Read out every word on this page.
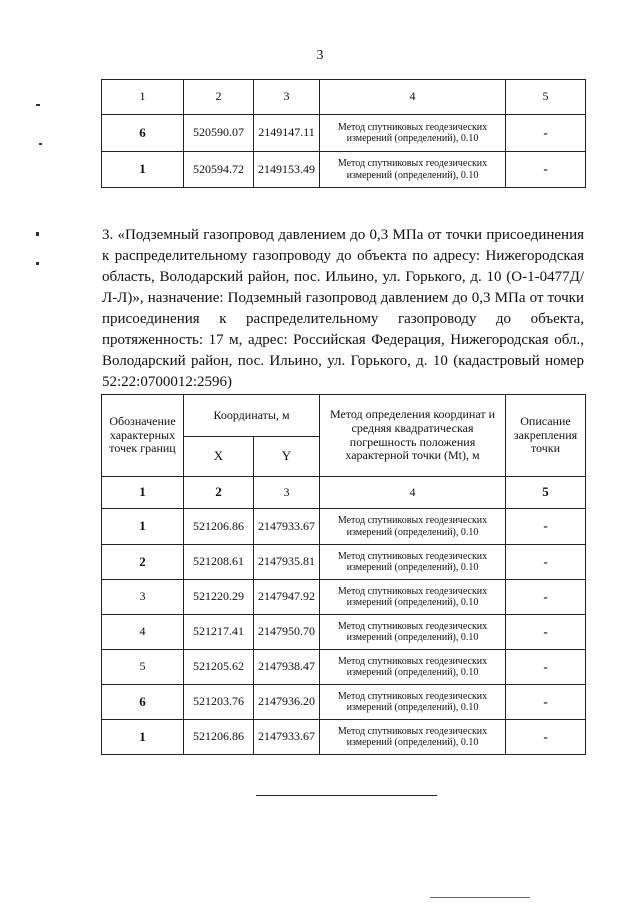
3
1	2	3	4	5
6	520590.07	2149147.11	Метод спутниковых геодезических измерений (определений), 0.10	-
1	520594.72	2149153.49	Метод спутниковых геодезических измерений (определений), 0.10	-

3. «Подземный газопровод давлением до 0,3 МПа от точки присоединения к распределительному газопроводу до объекта по адресу: Нижегородская область, Володарский район, пос. Ильино, ул. Горького, д. 10 (О-1-0477Д/Л-Л)», назначение: Подземный газопровод давлением до 0,3 МПа от точки присоединения к распределительному газопроводу до объекта, протяженность: 17 м, адрес: Российская Федерация, Нижегородская обл., Володарский район, пос. Ильино, ул. Горького, д. 10 (кадастровый номер 52:22:0700012:2596)

Обозначение характерных точек границ	Координаты, м		Метод определения координат и средняя квадратическая погрешность положения характерной точки (Mt), м	Описание закрепления точки
	X	Y		
1	2	3	4	5
1	521206.86	2147933.67	Метод спутниковых геодезических измерений (определений), 0.10	-
2	521208.61	2147935.81	Метод спутниковых геодезических измерений (определений), 0.10	-
3	521220.29	2147947.92	Метод спутниковых геодезических измерений (определений), 0.10	-
4	521217.41	2147950.70	Метод спутниковых геодезических измерений (определений), 0.10	-
5	521205.62	2147938.47	Метод спутниковых геодезических измерений (определений), 0.10	-
6	521203.76	2147936.20	Метод спутниковых геодезических измерений (определений), 0.10	-
1	521206.86	2147933.67	Метод спутниковых геодезических измерений (определений), 0.10	-
